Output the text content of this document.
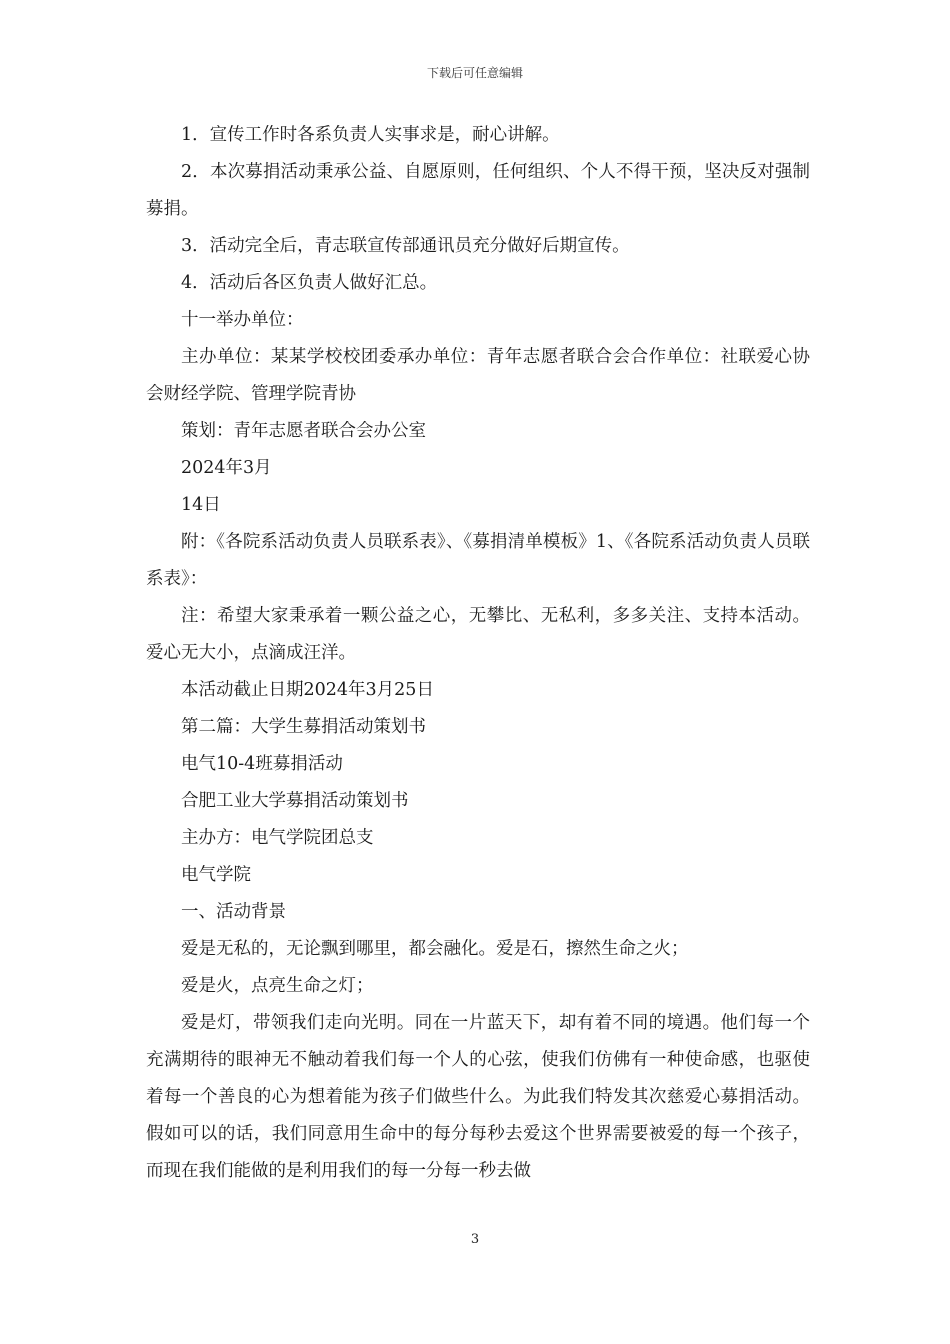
下载后可任意编辑

1．宣传工作时各系负责人实事求是，耐心讲解。

2．本次募捐活动秉承公益、自愿原则，任何组织、个人不得干预，坚决反对强制募捐。

3．活动完全后，青志联宣传部通讯员充分做好后期宣传。

4．活动后各区负责人做好汇总。

十一举办单位：

主办单位：某某学校校团委承办单位：青年志愿者联合会合作单位：社联爱心协会财经学院、管理学院青协

策划：青年志愿者联合会办公室

2024年3月

14日

附：《各院系活动负责人员联系表》、《募捐清单模板》1、《各院系活动负责人员联系表》：

注：希望大家秉承着一颗公益之心，无攀比、无私利，多多关注、支持本活动。爱心无大小，点滴成汪洋。

本活动截止日期2024年3月25日

第二篇：大学生募捐活动策划书

电气10-4班募捐活动

合肥工业大学募捐活动策划书

主办方：电气学院团总支

电气学院

一、活动背景

爱是无私的，无论飘到哪里，都会融化。爱是石，擦然生命之火；

爱是火，点亮生命之灯；

爱是灯，带领我们走向光明。同在一片蓝天下，却有着不同的境遇。他们每一个充满期待的眼神无不触动着我们每一个人的心弦，使我们仿佛有一种使命感，也驱使着每一个善良的心为想着能为孩子们做些什么。为此我们特发其次慈爱心募捐活动。假如可以的话，我们同意用生命中的每分每秒去爱这个世界需要被爱的每一个孩子，而现在我们能做的是利用我们的每一分每一秒去做

3
